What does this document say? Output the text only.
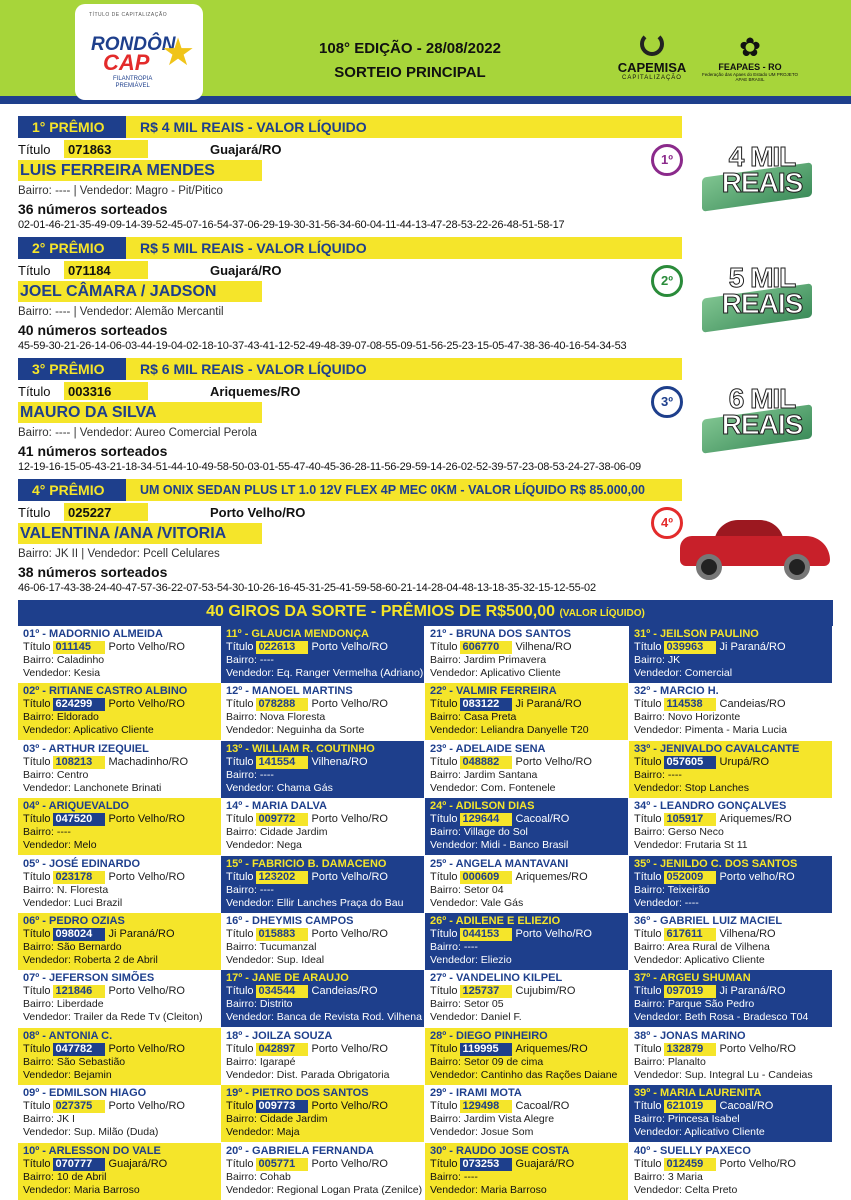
TÍTULO DE CAPITALIZAÇÃO
RONDÔN
CAP ★
FILANTROPIA
PREMIÁVEL
108° EDIÇÃO - 28/08/2022
SORTEIO PRINCIPAL	CAPEMISA
CAPITALIZAÇÃO
✿
FEAPAES - RO
Federação das Apaes do Estado UM PROJETO APAE BRASIL
1° PRÊMIO	R$ 4 MIL REAIS - VALOR LÍQUIDO
Título	071863	Guajará/RO
LUIS FERREIRA MENDES
Bairro: ---- | Vendedor: Magro - Pit/Pitico
36 números sorteados
02-01-46-21-35-49-09-14-39-52-45-07-16-54-37-06-29-19-30-31-56-34-60-04-11-44-13-47-28-53-22-26-48-51-58-17
1º	4 MIL REAIS
2° PRÊMIO	R$ 5 MIL REAIS - VALOR LÍQUIDO
Título	071184	Guajará/RO
JOEL CÂMARA / JADSON
Bairro: ---- | Vendedor: Alemão Mercantil
40 números sorteados
45-59-30-21-26-14-06-03-44-19-04-02-18-10-37-43-41-12-52-49-48-39-07-08-55-09-51-56-25-23-15-05-47-38-36-40-16-54-34-53
2º	5 MIL REAIS
3° PRÊMIO	R$ 6 MIL REAIS - VALOR LÍQUIDO
Título	003316	Ariquemes/RO
MAURO DA SILVA
Bairro: ---- | Vendedor: Aureo Comercial Perola
41 números sorteados
12-19-16-15-05-43-21-18-34-51-44-10-49-58-50-03-01-55-47-40-45-36-28-11-56-29-59-14-26-02-52-39-57-23-08-53-24-27-38-06-09
3º	6 MIL REAIS
4° PRÊMIO	UM ONIX SEDAN PLUS LT 1.0 12V FLEX 4P MEC 0KM - VALOR LÍQUIDO R$ 85.000,00
Título	025227	Porto Velho/RO
VALENTINA /ANA /VITORIA
Bairro: JK II | Vendedor: Pcell Celulares
38 números sorteados
46-06-17-43-38-24-40-47-57-36-22-07-53-54-30-10-26-16-45-31-25-41-59-58-60-21-14-28-04-48-13-18-35-32-15-12-55-02
4º
40 GIROS DA SORTE - PRÊMIOS DE R$500,00 (VALOR LÍQUIDO)
01º - MADORNIO ALMEIDA
Título 011145 Porto Velho/RO
Bairro: Caladinho
Vendedor: Kesia
02º - RITIANE CASTRO ALBINO
Título 624299 Porto Velho/RO
Bairro: Eldorado
Vendedor: Aplicativo Cliente
03º - ARTHUR IZEQUIEL
Título 108213 Machadinho/RO
Bairro: Centro
Vendedor: Lanchonete Brinati
04º - ARIQUEVALDO
Título 047520 Porto Velho/RO
Bairro: ----
Vendedor: Melo
05º - JOSÉ EDINARDO
Título 023178 Porto Velho/RO
Bairro: N. Floresta
Vendedor: Luci Brazil
06º - PEDRO OZIAS
Título 098024 Ji Paraná/RO
Bairro: São Bernardo
Vendedor: Roberta 2 de Abril
07º - JEFERSON SIMÕES
Título 121846 Porto Velho/RO
Bairro: Liberdade
Vendedor: Trailer da Rede Tv (Cleiton)
08º - ANTONIA C.
Título 047782 Porto Velho/RO
Bairro: São Sebastião
Vendedor: Bejamin
09º - EDMILSON HIAGO
Título 027375 Porto Velho/RO
Bairro: JK I
Vendedor: Sup. Milão (Duda)
10º - ARLESSON DO VALE
Título 070777 Guajará/RO
Bairro: 10 de Abril
Vendedor: Maria Barroso
11º - GLAUCIA MENDONÇA
Título 022613 Porto Velho/RO
Bairro: ----
Vendedor: Eq. Ranger Vermelha (Adriano)
12º - MANOEL MARTINS
Título 078288 Porto Velho/RO
Bairro: Nova Floresta
Vendedor: Neguinha da Sorte
13º - WILLIAM R. COUTINHO
Título 141554 Vilhena/RO
Bairro: ----
Vendedor: Chama Gás
14º - MARIA DALVA
Título 009772 Porto Velho/RO
Bairro: Cidade Jardim
Vendedor: Nega
15º - FABRICIO B. DAMACENO
Título 123202 Porto Velho/RO
Bairro: ----
Vendedor: Ellir Lanches Praça do Bau
16º - DHEYMIS CAMPOS
Título 015883 Porto Velho/RO
Bairro: Tucumanzal
Vendedor: Sup. Ideal
17º - JANE DE ARAUJO
Título 034544 Candeias/RO
Bairro: Distrito
Vendedor: Banca de Revista Rod. Vilhena
18º - JOILZA SOUZA
Título 042897 Porto Velho/RO
Bairro: Igarapé
Vendedor: Dist. Parada Obrigatoria
19º - PIETRO DOS SANTOS
Título 009773 Porto Velho/RO
Bairro: Cidade Jardim
Vendedor: Maja
20º - GABRIELA FERNANDA
Título 005771 Porto Velho/RO
Bairro: Cohab
Vendedor: Regional Logan Prata (Zenilce)
21º - BRUNA DOS SANTOS
Título 606770 Vilhena/RO
Bairro: Jardim Primavera
Vendedor: Aplicativo Cliente
22º - VALMIR FERREIRA
Título 083122 Ji Paraná/RO
Bairro: Casa Preta
Vendedor: Leliandra Danyelle T20
23º - ADELAIDE SENA
Título 048882 Porto Velho/RO
Bairro: Jardim Santana
Vendedor: Com. Fontenele
24º - ADILSON DIAS
Título 129644 Cacoal/RO
Bairro: Village do Sol
Vendedor: Midi - Banco Brasil
25º - ANGELA MANTAVANI
Título 000609 Ariquemes/RO
Bairro: Setor 04
Vendedor: Vale Gás
26º - ADILENE E ELIEZIO
Título 044153 Porto Velho/RO
Bairro: ----
Vendedor: Eliezio
27º - VANDELINO KILPEL
Título 125737 Cujubim/RO
Bairro: Setor 05
Vendedor: Daniel F.
28º - DIEGO PINHEIRO
Título 119995 Ariquemes/RO
Bairro: Setor 09 de cima
Vendedor: Cantinho das Rações Daiane
29º - IRAMI MOTA
Título 129498 Cacoal/RO
Bairro: Jardim Vista Alegre
Vendedor: Josue Som
30º - RAUDO JOSE COSTA
Título 073253 Guajará/RO
Bairro: ----
Vendedor: Maria Barroso
31º - JEILSON PAULINO
Título 039963 Ji Paraná/RO
Bairro: JK
Vendedor: Comercial
32º - MARCIO H.
Título 114538 Candeias/RO
Bairro: Novo Horizonte
Vendedor: Pimenta - Maria Lucia
33º - JENIVALDO CAVALCANTE
Título 057605 Urupá/RO
Bairro: ----
Vendedor: Stop Lanches
34º - LEANDRO GONÇALVES
Título 105917 Ariquemes/RO
Bairro: Gerso Neco
Vendedor: Frutaria St 11
35º - JENILDO C. DOS SANTOS
Título 052009 Porto velho/RO
Bairro: Teixeirão
Vendedor: ----
36º - GABRIEL LUIZ MACIEL
Título 617611 Vilhena/RO
Bairro: Area Rural de Vilhena
Vendedor: Aplicativo Cliente
37º - ARGEU SHUMAN
Título 097019 Ji Paraná/RO
Bairro: Parque São Pedro
Vendedor: Beth Rosa - Bradesco T04
38º - JONAS MARINO
Título 132879 Porto Velho/RO
Bairro: Planalto
Vendedor: Sup. Integral Lu - Candeias
39º - MARIA LAURENITA
Título 621019 Cacoal/RO
Bairro: Princesa Isabel
Vendedor: Aplicativo Cliente
40º - SUELLY PAXECO
Título 012459 Porto Velho/RO
Bairro: 3 Maria
Vendedor: Celta Preto
